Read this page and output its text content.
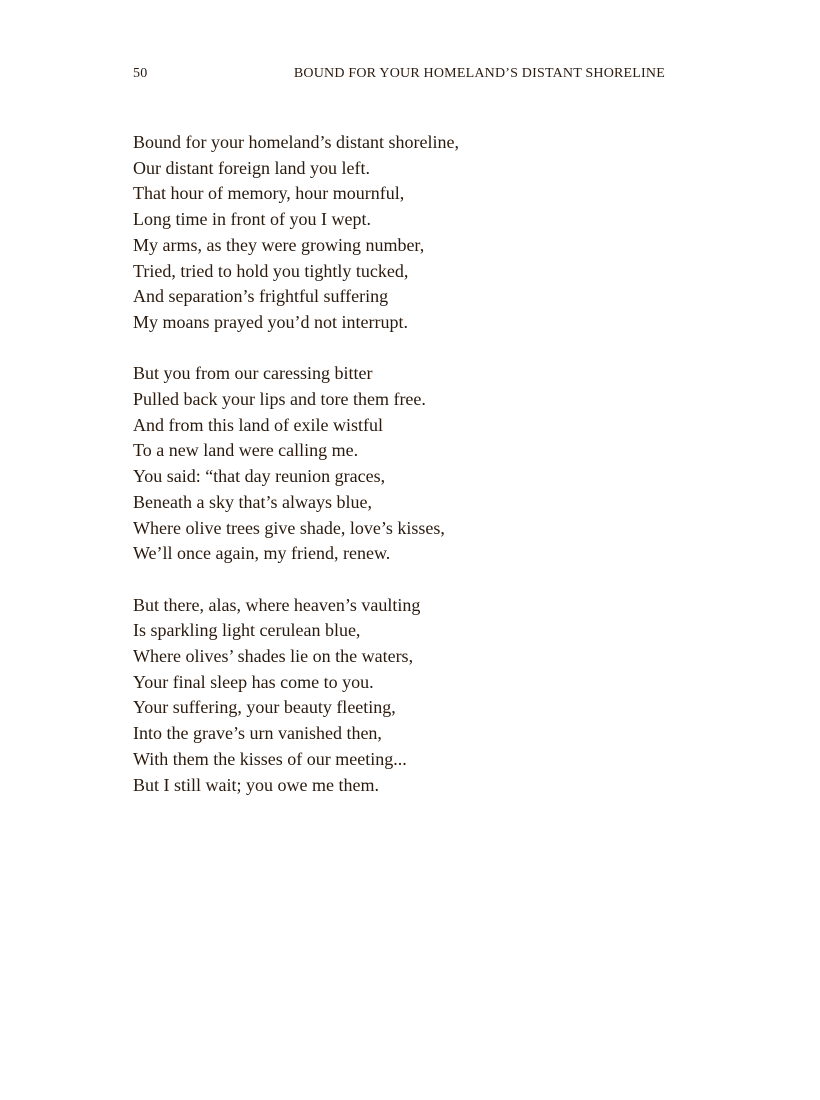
50	BOUND FOR YOUR HOMELAND’S DISTANT SHORELINE
Bound for your homeland’s distant shoreline,
Our distant foreign land you left.
That hour of memory, hour mournful,
Long time in front of you I wept.
My arms, as they were growing number,
Tried, tried to hold you tightly tucked,
And separation’s frightful suffering
My moans prayed you’d not interrupt.
But you from our caressing bitter
Pulled back your lips and tore them free.
And from this land of exile wistful
To a new land were calling me.
You said: “that day reunion graces,
Beneath a sky that’s always blue,
Where olive trees give shade, love’s kisses,
We’ll once again, my friend, renew.
But there, alas, where heaven’s vaulting
Is sparkling light cerulean blue,
Where olives’ shades lie on the waters,
Your final sleep has come to you.
Your suffering, your beauty fleeting,
Into the grave’s urn vanished then,
With them the kisses of our meeting...
But I still wait; you owe me them.
